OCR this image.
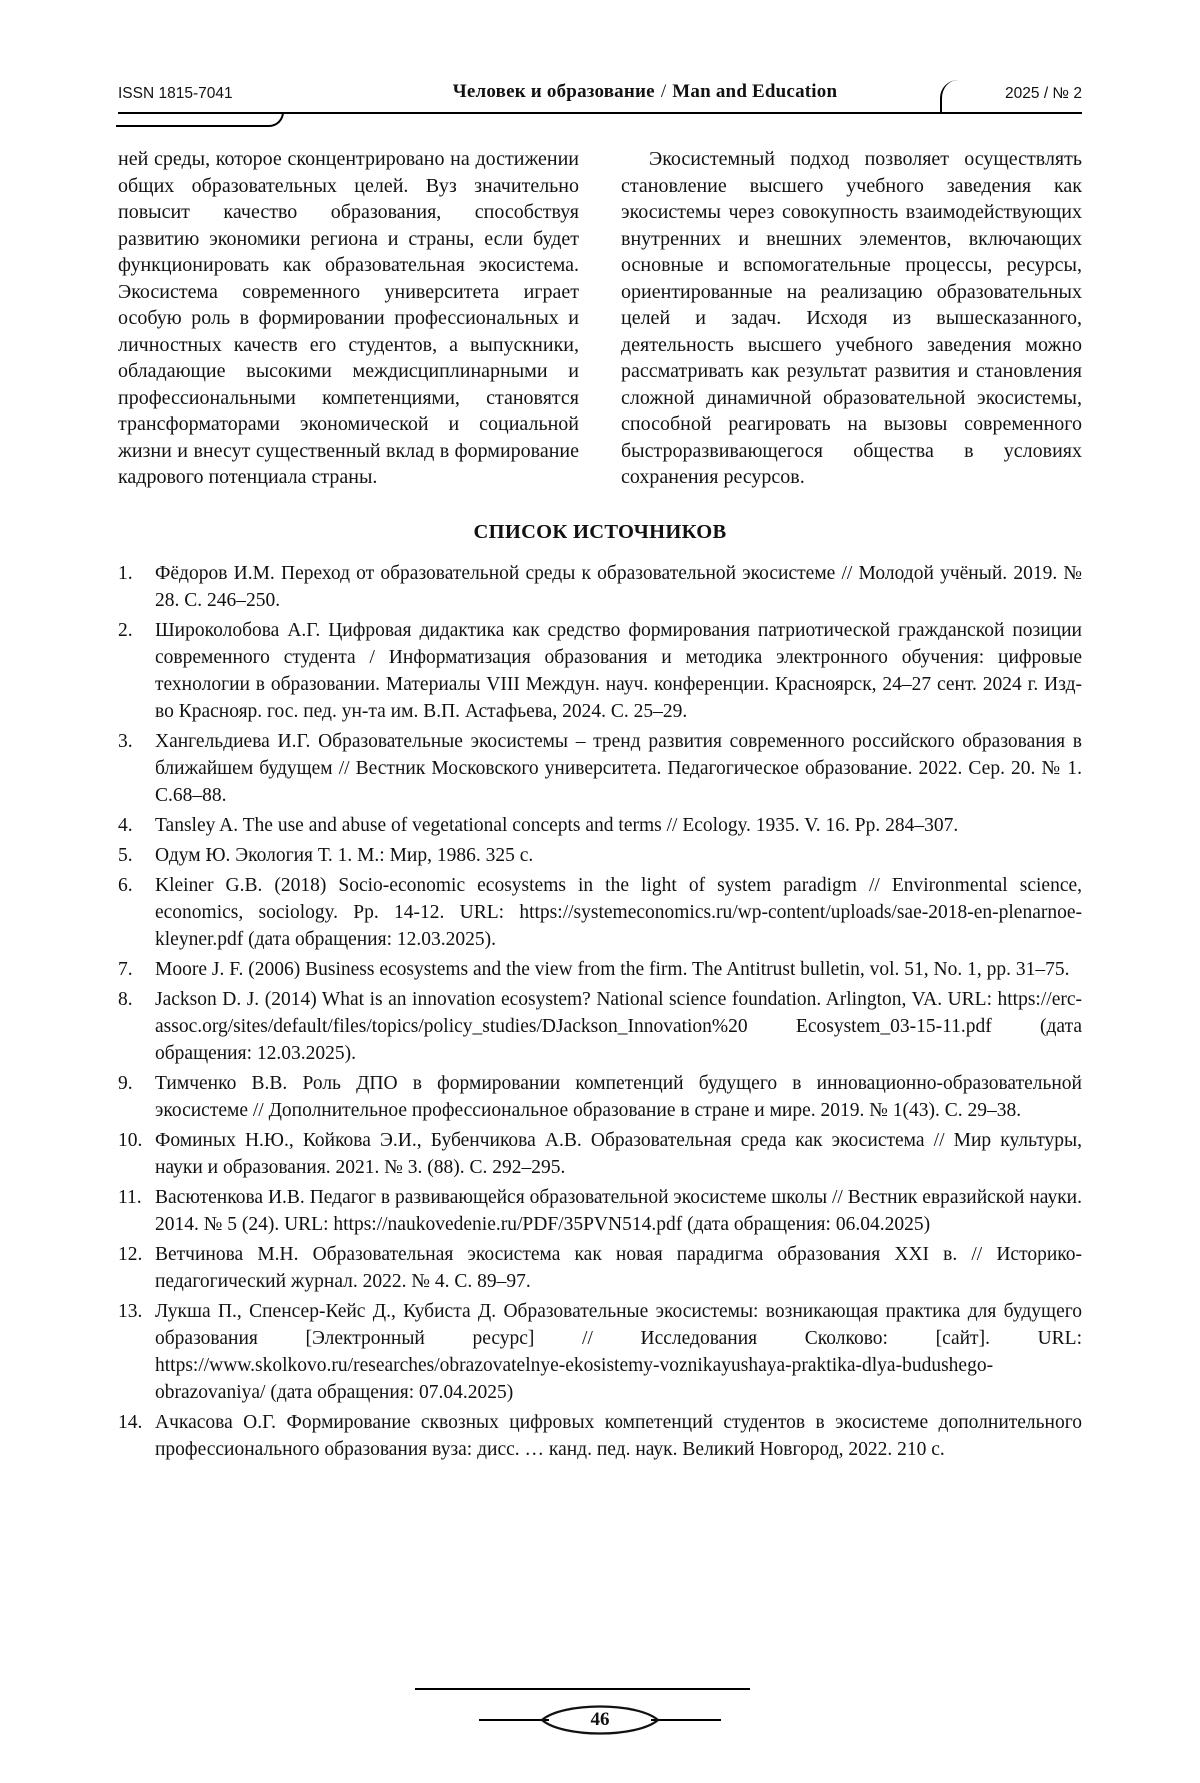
ISSN 1815-7041	Человек и образование / Man and Education	2025 / № 2

ней среды, которое сконцентрировано на достижении общих образовательных целей. Вуз значительно повысит качество образования, способствуя развитию экономики региона и страны, если будет функционировать как образовательная экосистема. Экосистема современного университета играет особую роль в формировании профессиональных и личностных качеств его студентов, а выпускники, обладающие высокими междисциплинарными и профессиональными компетенциями, становятся трансформаторами экономической и социальной жизни и внесут существенный вклад в формирование кадрового потенциала страны.

Экосистемный подход позволяет осуществлять становление высшего учебного заведения как экосистемы через совокупность взаимодействующих внутренних и внешних элементов, включающих основные и вспомогательные процессы, ресурсы, ориентированные на реализацию образовательных целей и задач. Исходя из вышесказанного, деятельность высшего учебного заведения можно рассматривать как результат развития и становления сложной динамичной образовательной экосистемы, способной реагировать на вызовы современного быстроразвивающегося общества в условиях сохранения ресурсов.

СПИСОК ИСТОЧНИКОВ
1.	Фёдоров И.М. Переход от образовательной среды к образовательной экосистеме // Молодой учёный. 2019. № 28. С. 246–250.
2.	Широколобова А.Г. Цифровая дидактика как средство формирования патриотической гражданской позиции современного студента / Информатизация образования и методика электронного обучения: цифровые технологии в образовании. Материалы VIII Междун. науч. конференции. Красноярск, 24–27 сент. 2024 г. Изд-во Краснояр. гос. пед. ун-та им. В.П. Астафьева, 2024. С. 25–29.
3.	Хангельдиева И.Г. Образовательные экосистемы – тренд развития современного российского образования в ближайшем будущем // Вестник Московского университета. Педагогическое образование. 2022. Сер. 20. № 1. С.68–88.
4.	Tansley A. The use and abuse of vegetational concepts and terms // Ecology. 1935. V. 16. Pp. 284–307.
5.	Одум Ю. Экология Т. 1. М.: Мир, 1986. 325 с.
6.	Kleiner G.B. (2018) Socio-economic ecosystems in the light of system paradigm // Environmental science, economics, sociology. Pp. 14-12. URL: https://systemeconomics.ru/wp-content/uploads/sae-2018-en-plenarnoe-kleyner.pdf (дата обращения: 12.03.2025).
7.	Moore J. F. (2006) Business ecosystems and the view from the firm. The Antitrust bulletin, vol. 51, No. 1, pp. 31–75.
8.	Jackson D. J. (2014) What is an innovation ecosystem? National science foundation. Arlington, VA. URL: https://erc-assoc.org/sites/default/files/topics/policy_studies/DJackson_Innovation%20 Ecosystem_03-15-11.pdf (дата обращения: 12.03.2025).
9.	Тимченко В.В. Роль ДПО в формировании компетенций будущего в инновационно-образовательной экосистеме // Дополнительное профессиональное образование в стране и мире. 2019. № 1(43). С. 29–38.
10. Фоминых Н.Ю., Койкова Э.И., Бубенчикова А.В. Образовательная среда как экосистема // Мир культуры, науки и образования. 2021. № 3. (88). С. 292–295.
11. Васютенкова И.В. Педагог в развивающейся образовательной экосистеме школы // Вестник евразийской науки. 2014. № 5 (24). URL: https://naukovedenie.ru/PDF/35PVN514.pdf (дата обращения: 06.04.2025)
12. Ветчинова М.Н. Образовательная экосистема как новая парадигма образования XXI в. // Историко-педагогический журнал. 2022. № 4. С. 89–97.
13. Лукша П., Спенсер-Кейс Д., Кубиста Д. Образовательные экосистемы: возникающая практика для будущего образования [Электронный ресурс] // Исследования Сколково: [сайт]. URL: https://www.skolkovo.ru/researches/obrazovatelnye-ekosistemy-voznikayushaya-praktika-dlya-budushego-obrazovaniya/ (дата обращения: 07.04.2025)
14. Ачкасова О.Г. Формирование сквозных цифровых компетенций студентов в экосистеме дополнительного профессионального образования вуза: дисс. … канд. пед. наук. Великий Новгород, 2022. 210 с.
46
